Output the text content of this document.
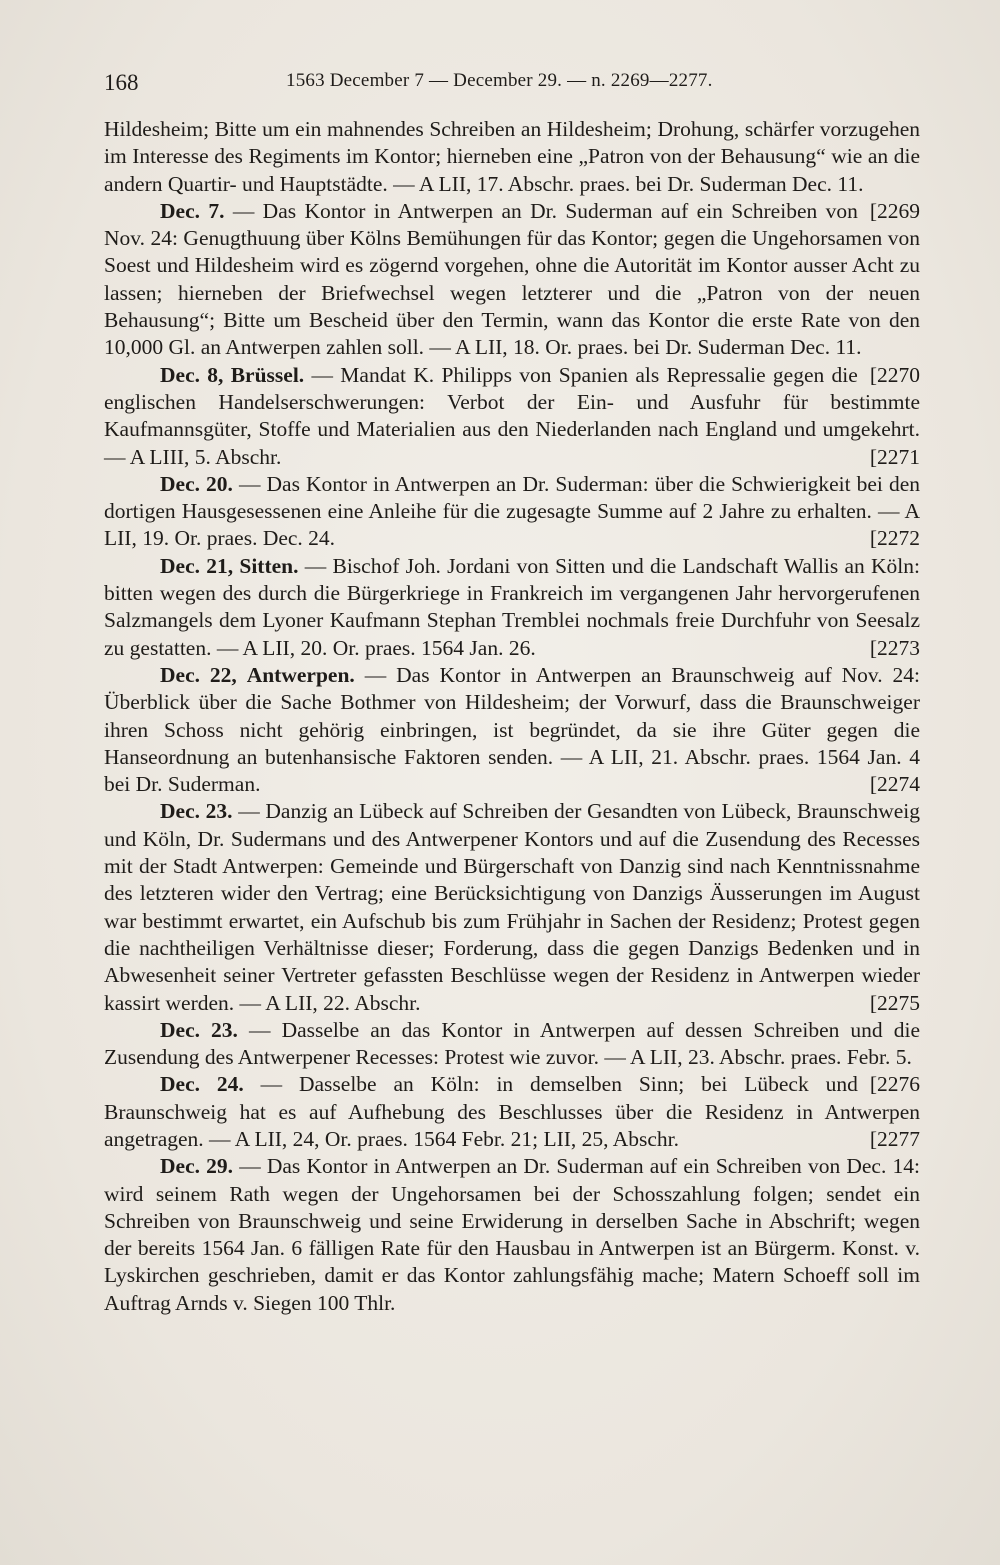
168	1563 December 7 — December 29. — n. 2269—2277.

Hildesheim; Bitte um ein mahnendes Schreiben an Hildesheim; Drohung, schärfer vorzugehen im Interesse des Regiments im Kontor; hierneben eine „Patron von der Behausung“ wie an die andern Quartir- und Hauptstädte. — A LII, 17. Abschr. praes. bei Dr. Suderman Dec. 11.
[ 2269

Dec. 7. — Das Kontor in Antwerpen an Dr. Suderman auf ein Schreiben von Nov. 24: Genugthuung über Kölns Bemühungen für das Kontor; gegen die Ungehorsamen von Soest und Hildesheim wird es zögernd vorgehen, ohne die Autorität im Kontor ausser Acht zu lassen; hierneben der Briefwechsel wegen letzterer und die „Patron von der neuen Behausung“; Bitte um Bescheid über den Termin, wann das Kontor die erste Rate von den 10,000 Gl. an Antwerpen zahlen soll. — A LII, 18. Or. praes. bei Dr. Suderman Dec. 11.
[ 2270

Dec. 8, Brüssel. — Mandat K. Philipps von Spanien als Repressalie gegen die englischen Handelserschwerungen: Verbot der Ein- und Ausfuhr für bestimmte Kaufmannsgüter, Stoffe und Materialien aus den Niederlanden nach England und umgekehrt. — A LIII, 5. Abschr.	[ 2271

Dec. 20. — Das Kontor in Antwerpen an Dr. Suderman: über die Schwierigkeit bei den dortigen Hausgesessenen eine Anleihe für die zugesagte Summe auf 2 Jahre zu erhalten. — A LII, 19. Or. praes. Dec. 24.	[ 2272

Dec. 21, Sitten. — Bischof Joh. Jordani von Sitten und die Landschaft Wallis an Köln: bitten wegen des durch die Bürgerkriege in Frankreich im vergangenen Jahr hervorgerufenen Salzmangels dem Lyoner Kaufmann Stephan Tremblei nochmals freie Durchfuhr von Seesalz zu gestatten. — A LII, 20. Or. praes. 1564 Jan. 26.	[ 2273

Dec. 22, Antwerpen. — Das Kontor in Antwerpen an Braunschweig auf Nov. 24: Überblick über die Sache Bothmer von Hildesheim; der Vorwurf, dass die Braunschweiger ihren Schoss nicht gehörig einbringen, ist begründet, da sie ihre Güter gegen die Hanseordnung an butenhansische Faktoren senden. — A LII, 21. Abschr. praes. 1564 Jan. 4 bei Dr. Suderman.	[ 2274

Dec. 23. — Danzig an Lübeck auf Schreiben der Gesandten von Lübeck, Braunschweig und Köln, Dr. Sudermans und des Antwerpener Kontors und auf die Zusendung des Recesses mit der Stadt Antwerpen: Gemeinde und Bürgerschaft von Danzig sind nach Kenntnissnahme des letzteren wider den Vertrag; eine Berücksichtigung von Danzigs Äusserungen im August war bestimmt erwartet, ein Aufschub bis zum Frühjahr in Sachen der Residenz; Protest gegen die nachtheiligen Verhältnisse dieser; Forderung, dass die gegen Danzigs Bedenken und in Abwesenheit seiner Vertreter gefassten Beschlüsse wegen der Residenz in Antwerpen wieder kassirt werden. — A LII, 22. Abschr.	[ 2275

Dec. 23. — Dasselbe an das Kontor in Antwerpen auf dessen Schreiben und die Zusendung des Antwerpener Recesses: Protest wie zuvor. — A LII, 23. Abschr. praes. Febr. 5.
[ 2276

Dec. 24. — Dasselbe an Köln: in demselben Sinn; bei Lübeck und Braunschweig hat es auf Aufhebung des Beschlusses über die Residenz in Antwerpen angetragen. — A LII, 24, Or. praes. 1564 Febr. 21; LII, 25, Abschr.	[ 2277

Dec. 29. — Das Kontor in Antwerpen an Dr. Suderman auf ein Schreiben von Dec. 14: wird seinem Rath wegen der Ungehorsamen bei der Schosszahlung folgen; sendet ein Schreiben von Braunschweig und seine Erwiderung in derselben Sache in Abschrift; wegen der bereits 1564 Jan. 6 fälligen Rate für den Hausbau in Antwerpen ist an Bürgerm. Konst. v. Lyskirchen geschrieben, damit er das Kontor zahlungsfähig mache; Matern Schoeff soll im Auftrag Arnds v. Siegen 100 Thlr.
